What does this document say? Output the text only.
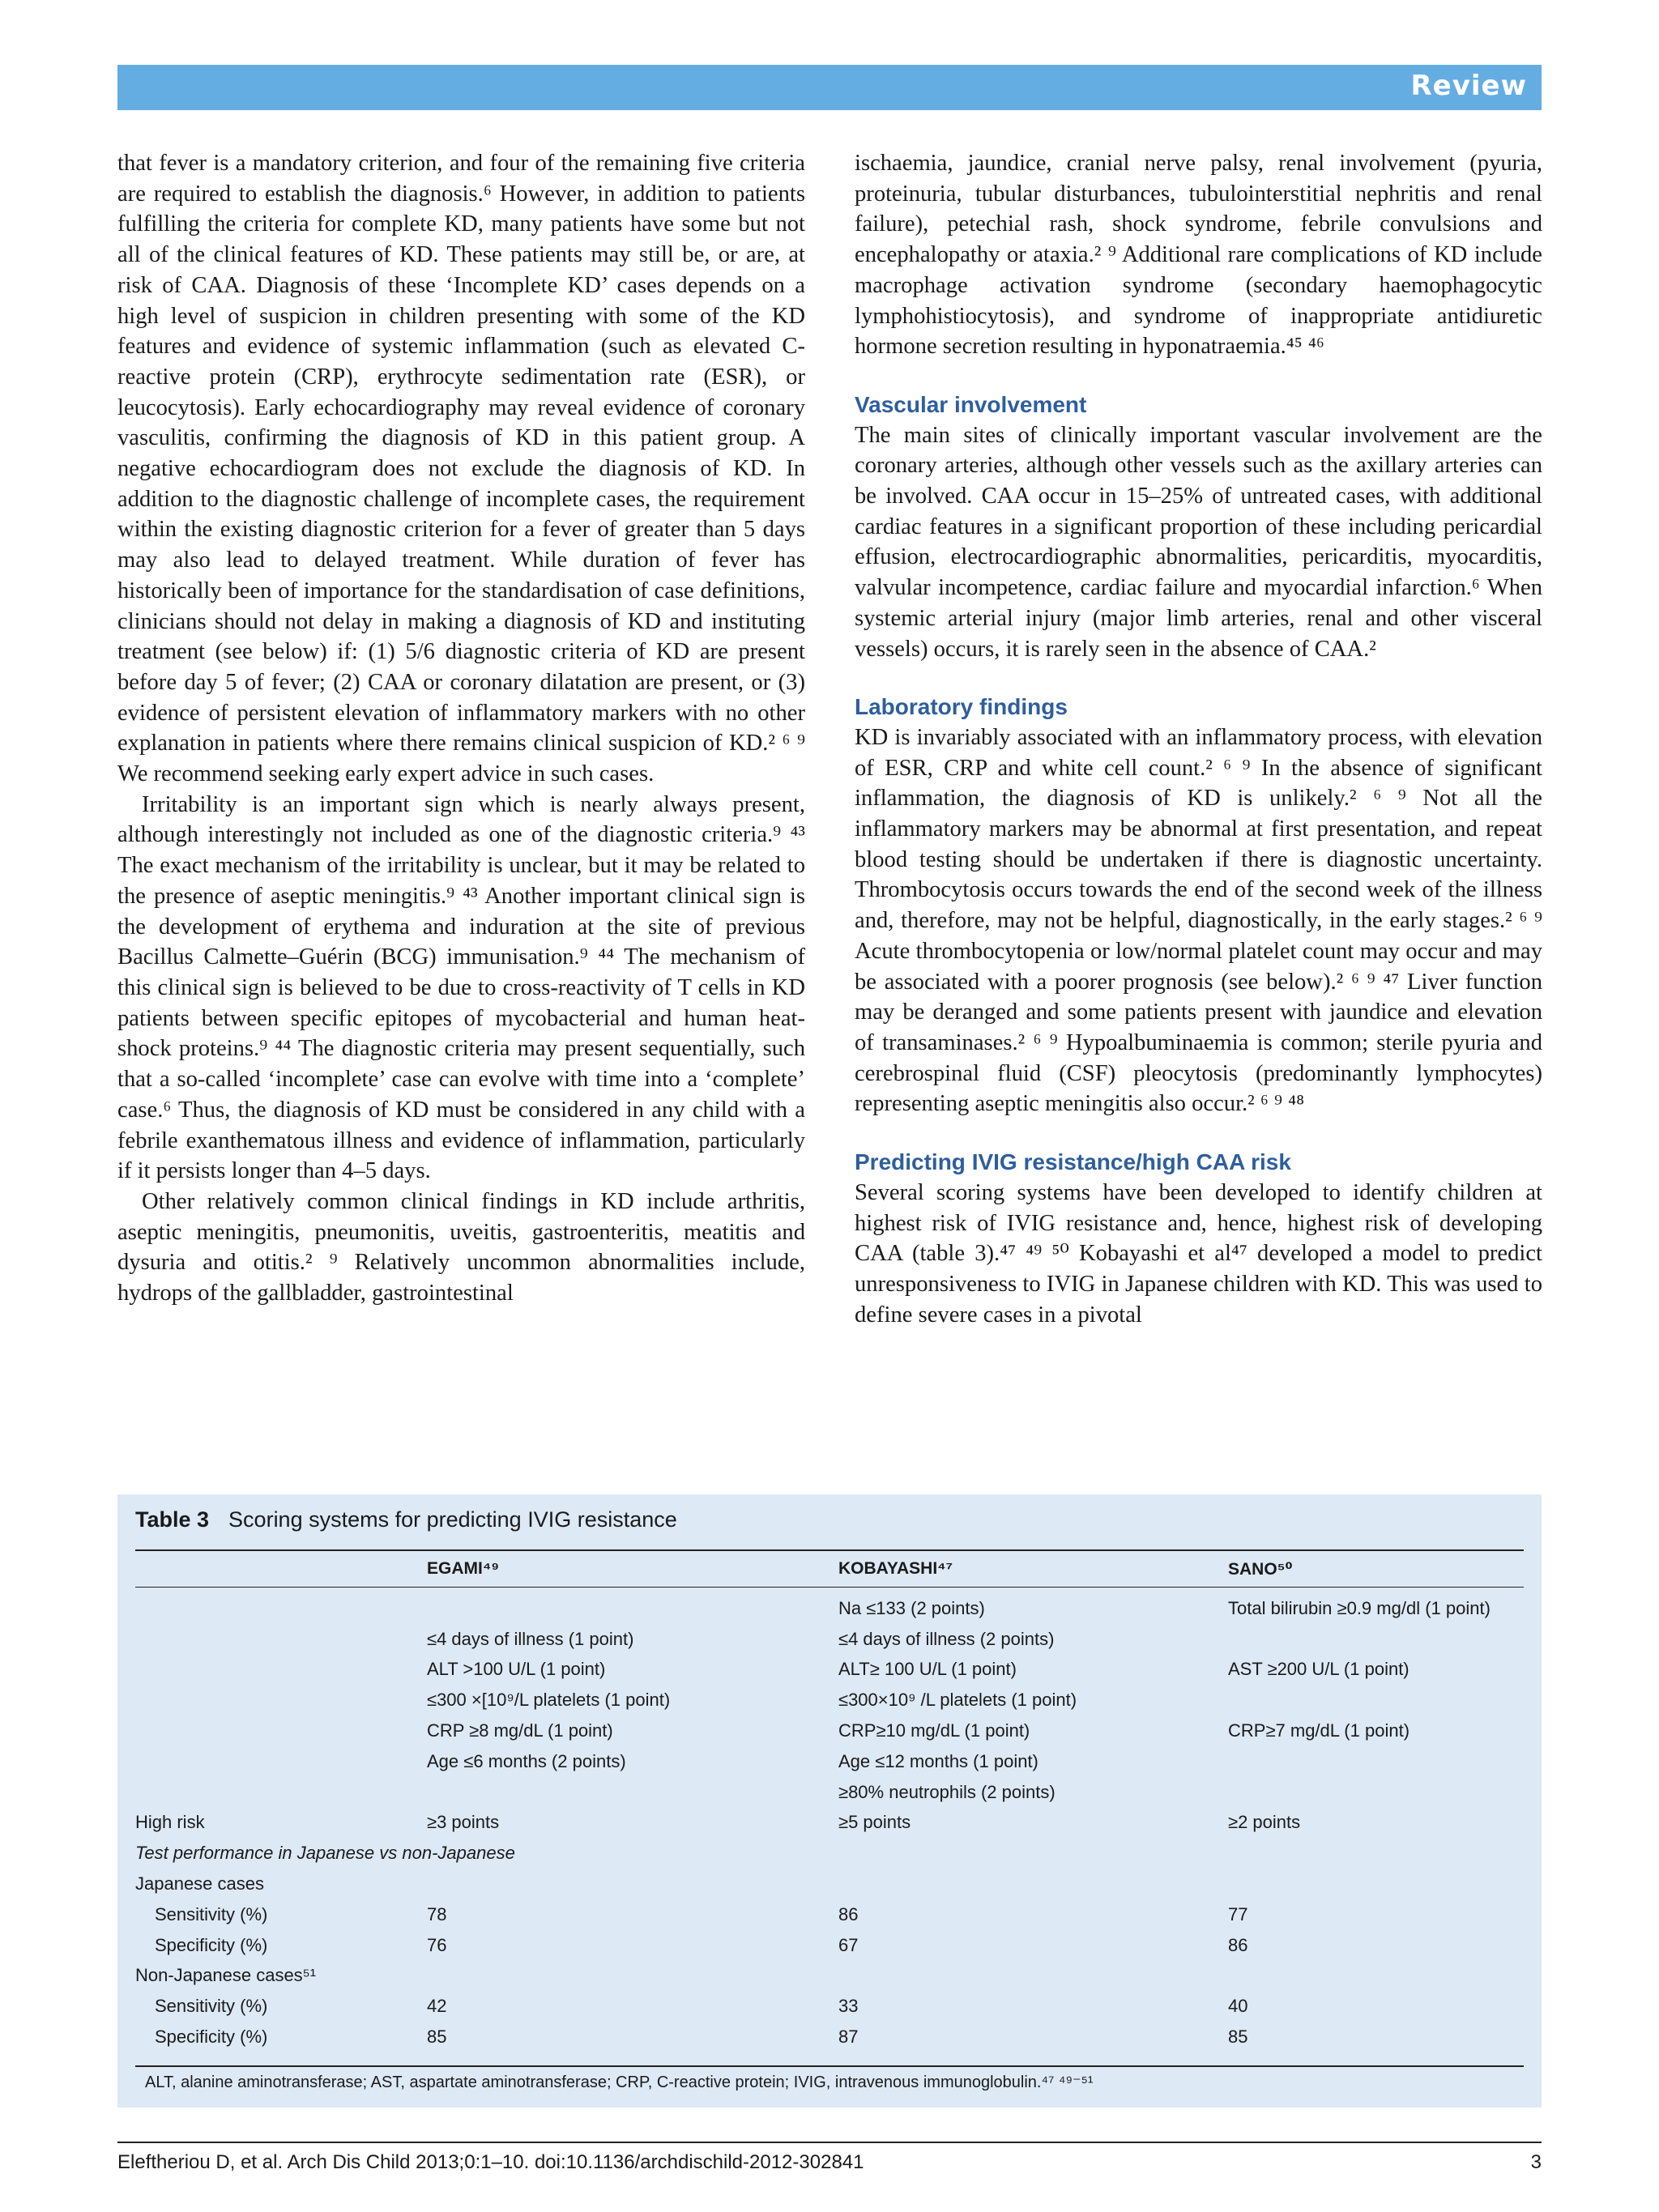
Review

that fever is a mandatory criterion, and four of the remaining five criteria are required to establish the diagnosis.⁶ However, in addition to patients fulfilling the criteria for complete KD, many patients have some but not all of the clinical features of KD. These patients may still be, or are, at risk of CAA. Diagnosis of these ‘Incomplete KD’ cases depends on a high level of suspicion in children presenting with some of the KD features and evidence of systemic inflammation (such as elevated C-reactive protein (CRP), erythrocyte sedimentation rate (ESR), or leucocytosis). Early echocardiography may reveal evidence of coronary vasculitis, confirming the diagnosis of KD in this patient group. A negative echocardiogram does not exclude the diagnosis of KD. In addition to the diagnostic challenge of incomplete cases, the requirement within the existing diagnostic criterion for a fever of greater than 5 days may also lead to delayed treatment. While duration of fever has historically been of importance for the standardisation of case definitions, clinicians should not delay in making a diagnosis of KD and instituting treatment (see below) if: (1) 5/6 diagnostic criteria of KD are present before day 5 of fever; (2) CAA or coronary dilatation are present, or (3) evidence of persistent elevation of inflammatory markers with no other explanation in patients where there remains clinical suspicion of KD.² ⁶ ⁹ We recommend seeking early expert advice in such cases.

Irritability is an important sign which is nearly always present, although interestingly not included as one of the diagnostic criteria.⁹ ⁴³ The exact mechanism of the irritability is unclear, but it may be related to the presence of aseptic meningitis.⁹ ⁴³ Another important clinical sign is the development of erythema and induration at the site of previous Bacillus Calmette–Guérin (BCG) immunisation.⁹ ⁴⁴ The mechanism of this clinical sign is believed to be due to cross-reactivity of T cells in KD patients between specific epitopes of mycobacterial and human heat-shock proteins.⁹ ⁴⁴ The diagnostic criteria may present sequentially, such that a so-called ‘incomplete’ case can evolve with time into a ‘complete’ case.⁶ Thus, the diagnosis of KD must be considered in any child with a febrile exanthematous illness and evidence of inflammation, particularly if it persists longer than 4–5 days.

Other relatively common clinical findings in KD include arthritis, aseptic meningitis, pneumonitis, uveitis, gastroenteritis, meatitis and dysuria and otitis.² ⁹ Relatively uncommon abnormalities include, hydrops of the gallbladder, gastrointestinal

ischaemia, jaundice, cranial nerve palsy, renal involvement (pyuria, proteinuria, tubular disturbances, tubulointerstitial nephritis and renal failure), petechial rash, shock syndrome, febrile convulsions and encephalopathy or ataxia.² ⁹ Additional rare complications of KD include macrophage activation syndrome (secondary haemophagocytic lymphohistiocytosis), and syndrome of inappropriate antidiuretic hormone secretion resulting in hyponatraemia.⁴⁵ ⁴⁶

Vascular involvement

The main sites of clinically important vascular involvement are the coronary arteries, although other vessels such as the axillary arteries can be involved. CAA occur in 15–25% of untreated cases, with additional cardiac features in a significant proportion of these including pericardial effusion, electrocardiographic abnormalities, pericarditis, myocarditis, valvular incompetence, cardiac failure and myocardial infarction.⁶ When systemic arterial injury (major limb arteries, renal and other visceral vessels) occurs, it is rarely seen in the absence of CAA.²

Laboratory findings

KD is invariably associated with an inflammatory process, with elevation of ESR, CRP and white cell count.² ⁶ ⁹ In the absence of significant inflammation, the diagnosis of KD is unlikely.² ⁶ ⁹ Not all the inflammatory markers may be abnormal at first presentation, and repeat blood testing should be undertaken if there is diagnostic uncertainty. Thrombocytosis occurs towards the end of the second week of the illness and, therefore, may not be helpful, diagnostically, in the early stages.² ⁶ ⁹ Acute thrombocytopenia or low/normal platelet count may occur and may be associated with a poorer prognosis (see below).² ⁶ ⁹ ⁴⁷ Liver function may be deranged and some patients present with jaundice and elevation of transaminases.² ⁶ ⁹ Hypoalbuminaemia is common; sterile pyuria and cerebrospinal fluid (CSF) pleocytosis (predominantly lymphocytes) representing aseptic meningitis also occur.² ⁶ ⁹ ⁴⁸

Predicting IVIG resistance/high CAA risk

Several scoring systems have been developed to identify children at highest risk of IVIG resistance and, hence, highest risk of developing CAA (table 3).⁴⁷ ⁴⁹ ⁵⁰ Kobayashi et al⁴⁷ developed a model to predict unresponsiveness to IVIG in Japanese children with KD. This was used to define severe cases in a pivotal

Table 3 Scoring systems for predicting IVIG resistance
	EGAMI⁴⁹	KOBAYASHI⁴⁷	SANO⁵⁰

		Na ≤133 (2 points)	Total bilirubin ≥0.9 mg/dl (1 point)
	≤4 days of illness (1 point)	≤4 days of illness (2 points)	
	ALT >100 U/L (1 point)	ALT≥ 100 U/L (1 point)	AST ≥200 U/L (1 point)
	≤300 ×[10⁹/L platelets (1 point)	≤300×10⁹ /L platelets (1 point)	
	CRP ≥8 mg/dL (1 point)	CRP≥10 mg/dL (1 point)	CRP≥7 mg/dL (1 point)
	Age ≤6 months (2 points)	Age ≤12 months (1 point)	
		≥80% neutrophils (2 points)	
High risk	≥3 points	≥5 points	≥2 points
Test performance in Japanese vs non-Japanese			
Japanese cases			
Sensitivity (%)	78	86	77
Specificity (%)	76	67	86
Non-Japanese cases⁵¹			
Sensitivity (%)	42	33	40
Specificity (%)	85	87	85
ALT, alanine aminotransferase; AST, aspartate aminotransferase; CRP, C-reactive protein; IVIG, intravenous immunoglobulin.⁴⁷ ⁴⁹⁻⁵¹
Eleftheriou D, et al. Arch Dis Child 2013;0:1–10. doi:10.1136/archdischild-2012-302841	3
